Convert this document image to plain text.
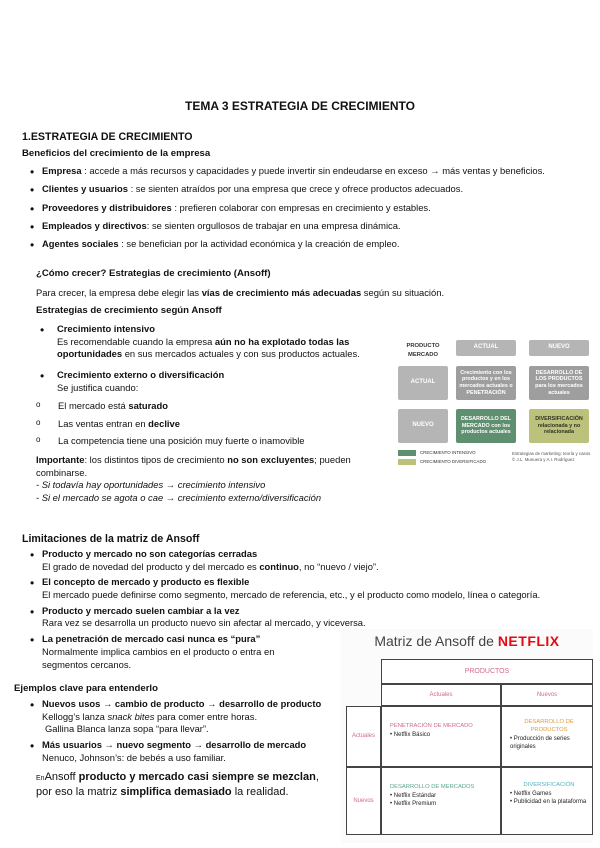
TEMA 3 ESTRATEGIA DE CRECIMIENTO
1.ESTRATEGIA DE CRECIMIENTO
Beneficios del crecimiento de la empresa
• Empresa : accede a más recursos y capacidades y puede invertir sin endeudarse en exceso → más ventas y beneficios.
• Clientes y usuarios : se sienten atraídos por una empresa que crece y ofrece productos adecuados.
• Proveedores y distribuidores : prefieren colaborar con empresas en crecimiento y estables.
• Empleados y directivos: se sienten orgullosos de trabajar en una empresa dinámica.
• Agentes sociales : se benefician por la actividad económica y la creación de empleo.
¿Cómo crecer? Estrategias de crecimiento (Ansoff)
Para crecer, la empresa debe elegir las vías de crecimiento más adecuadas según su situación.
Estrategias de crecimiento según Ansoff
• Crecimiento intensivo
Es recomendable cuando la empresa aún no ha explotado todas las
oportunidades en sus mercados actuales y con sus productos actuales.
• Crecimiento externo o diversificación
Se justifica cuando:
o El mercado está saturado
o Las ventas entran en declive
o La competencia tiene una posición muy fuerte o inamovible
Importante: los distintos tipos de crecimiento no son excluyentes; pueden
combinarse.
- Si todavía hay oportunidades → crecimiento intensivo
- Si el mercado se agota o cae → crecimiento externo/diversificación
PRODUCTO
MERCADO
ACTUAL	NUEVO
ACTUAL
NUEVO
Crecimiento con los productos y en los mercados actuales o PENETRACIÓN
DESARROLLO DE LOS PRODUCTOS para los mercados actuales
DESARROLLO DEL MERCADO con los productos actuales
DIVERSIFICACIÓN relacionada y no relacionada
CRECIMIENTO INTENSIVO
CRECIMIENTO DIVERSIFICADO
Estrategias de marketing: teoría y casos
© J.L. Munuera y A.I. Rodríguez
Limitaciones de la matriz de Ansoff
• Producto y mercado no son categorías cerradas
El grado de novedad del producto y del mercado es continuo, no “nuevo / viejo”.
• El concepto de mercado y producto es flexible
El mercado puede definirse como segmento, mercado de referencia, etc., y el producto como modelo, línea o categoría.
• Producto y mercado suelen cambiar a la vez
Rara vez se desarrolla un producto nuevo sin afectar al mercado, y viceversa.
• La penetración de mercado casi nunca es “pura”
Normalmente implica cambios en el producto o entra en
segmentos cercanos.
Ejemplos clave para entenderlo
• Nuevos usos → cambio de producto → desarrollo de producto
Kellogg’s lanza snack bites para comer entre horas.
Gallina Blanca lanza sopa “para llevar”.
• Más usuarios → nuevo segmento → desarrollo de mercado
Nenuco, Johnson’s: de bebés a uso familiar.
EnAnsoff producto y mercado casi siempre se mezclan,
por eso la matriz simplifica demasiado la realidad.
Matriz de Ansoff de NETFLIX
PRODUCTOS
Actuales	Nuevos
Actuales
Nuevos
PENETRACIÓN DE MERCADO
• Netflix Básico
DESARROLLO DE PRODUCTOS
• Producción de series originales
DESARROLLO DE MERCADOS
• Netflix Estándar
• Netflix Premium
DIVERSIFICACIÓN
• Netflix Games
• Publicidad en la plataforma
